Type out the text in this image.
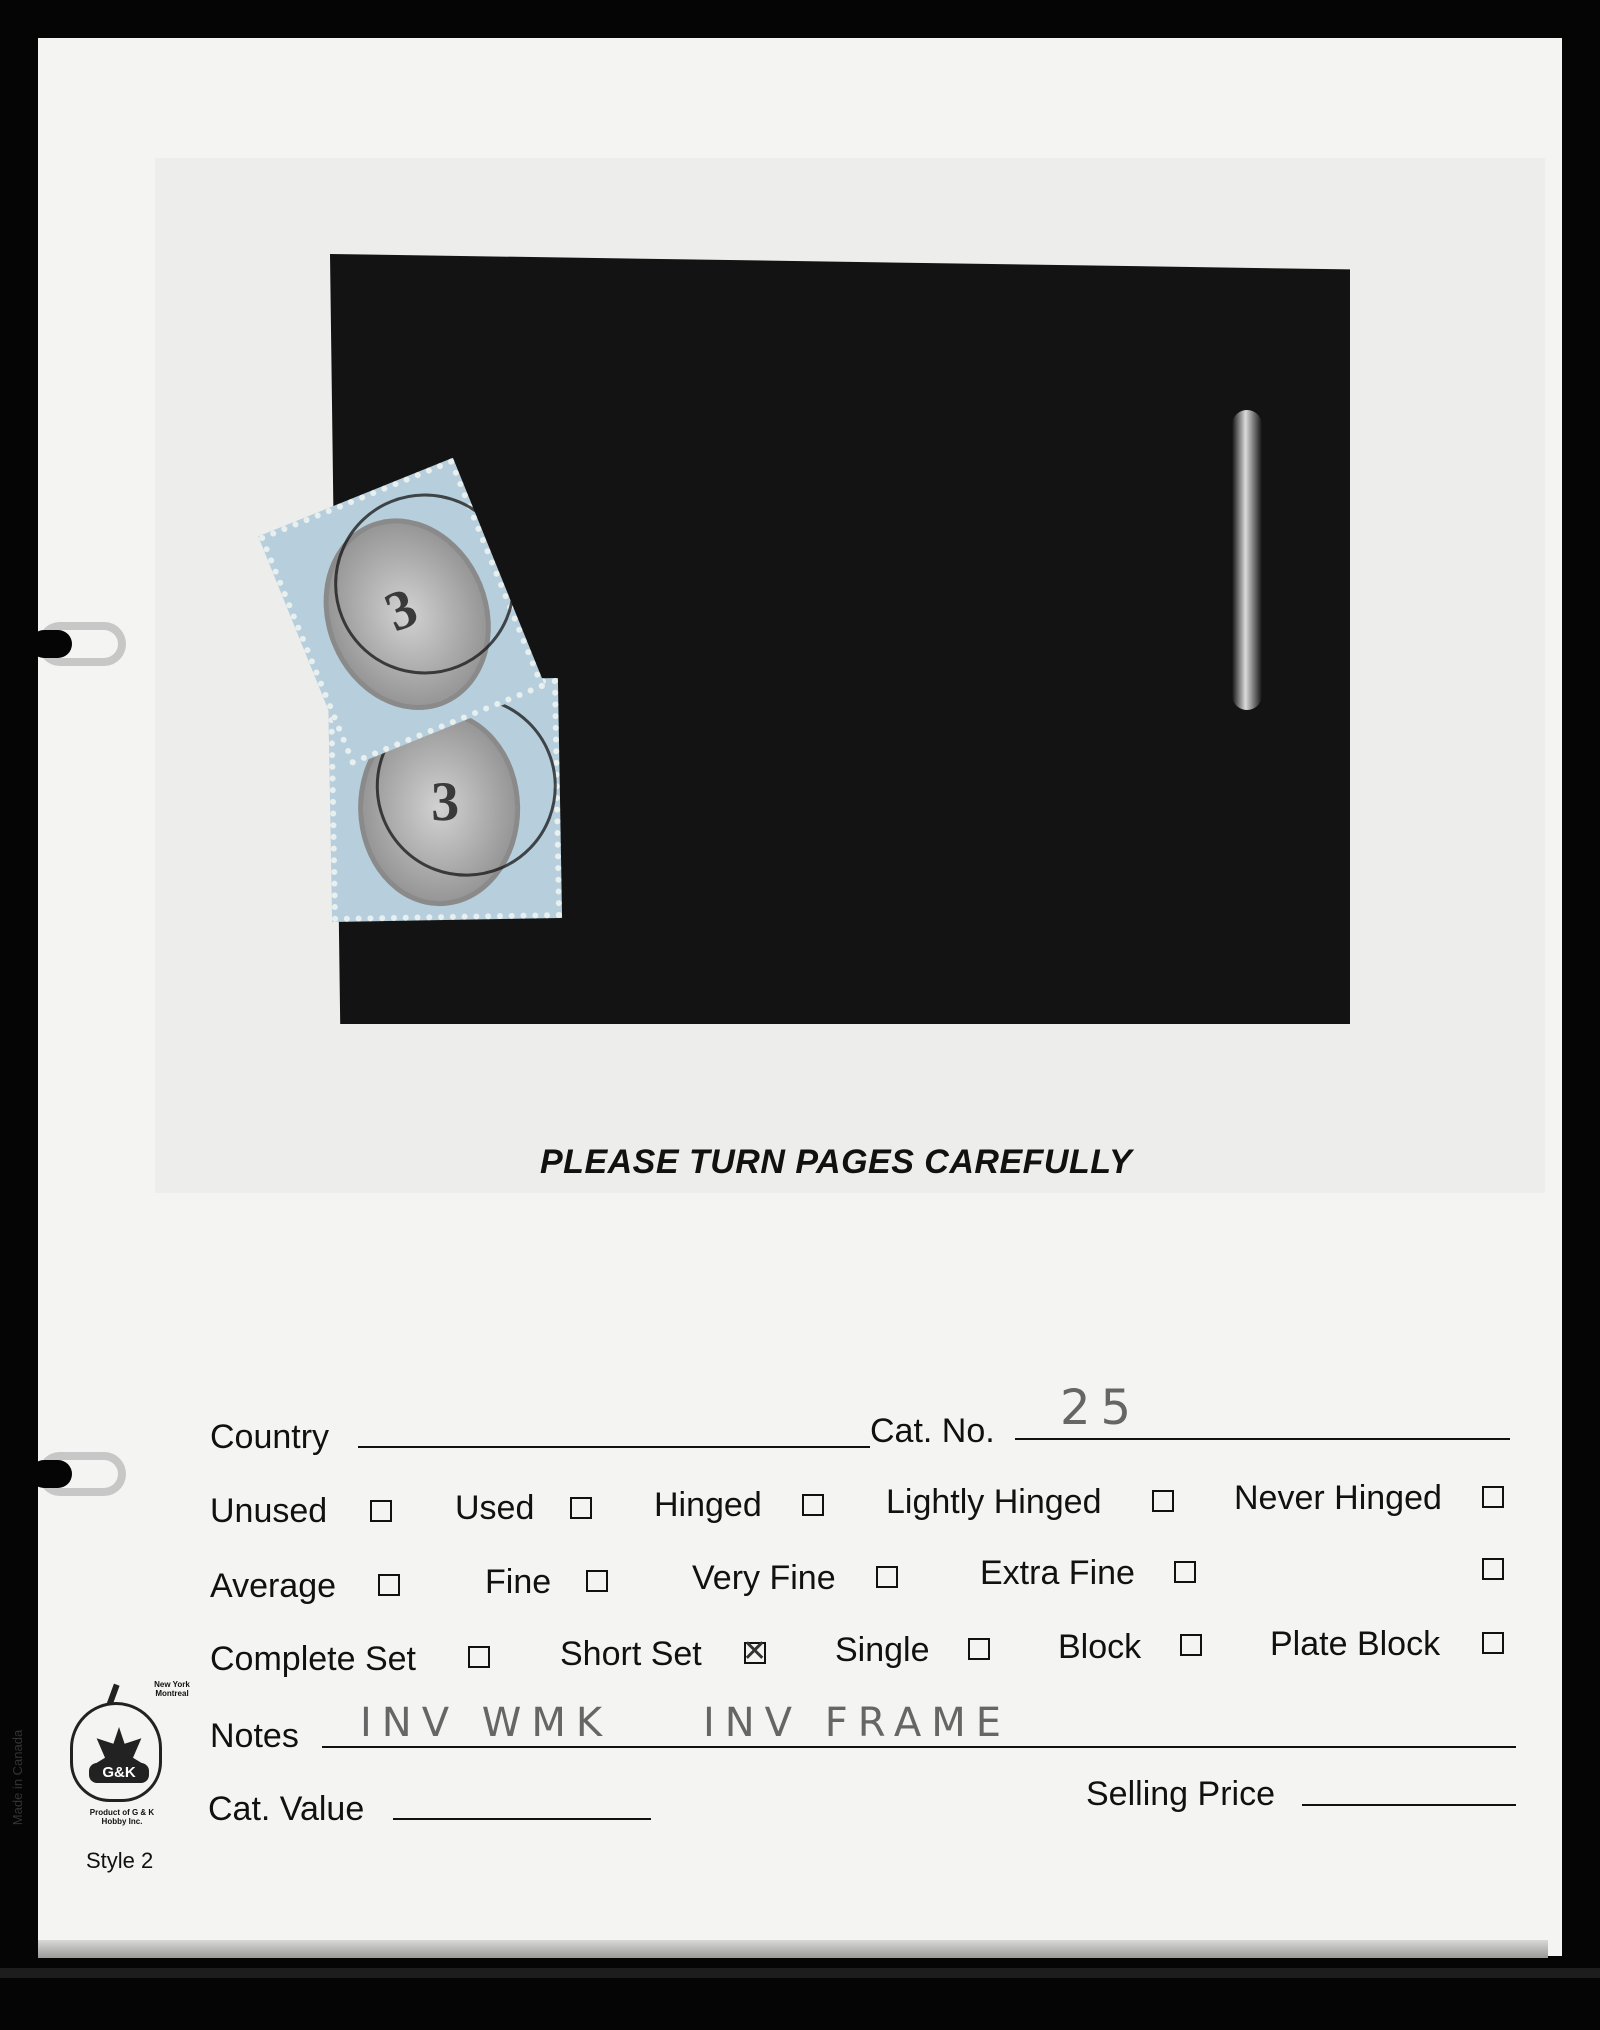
3
3
PLEASE TURN PAGES CAREFULLY
Country	Cat. No. 25
Unused	Used	Hinged	Lightly Hinged	Never Hinged
Average	Fine	Very Fine	Extra Fine
Complete Set	Short Set ✕ Single	Block	Plate Block
Notes INV WMK    INV FRAME
Cat. Value	Selling Price
G&K
New York Montreal
Product of G & K Hobby Inc.
Style 2
Made in Canada
